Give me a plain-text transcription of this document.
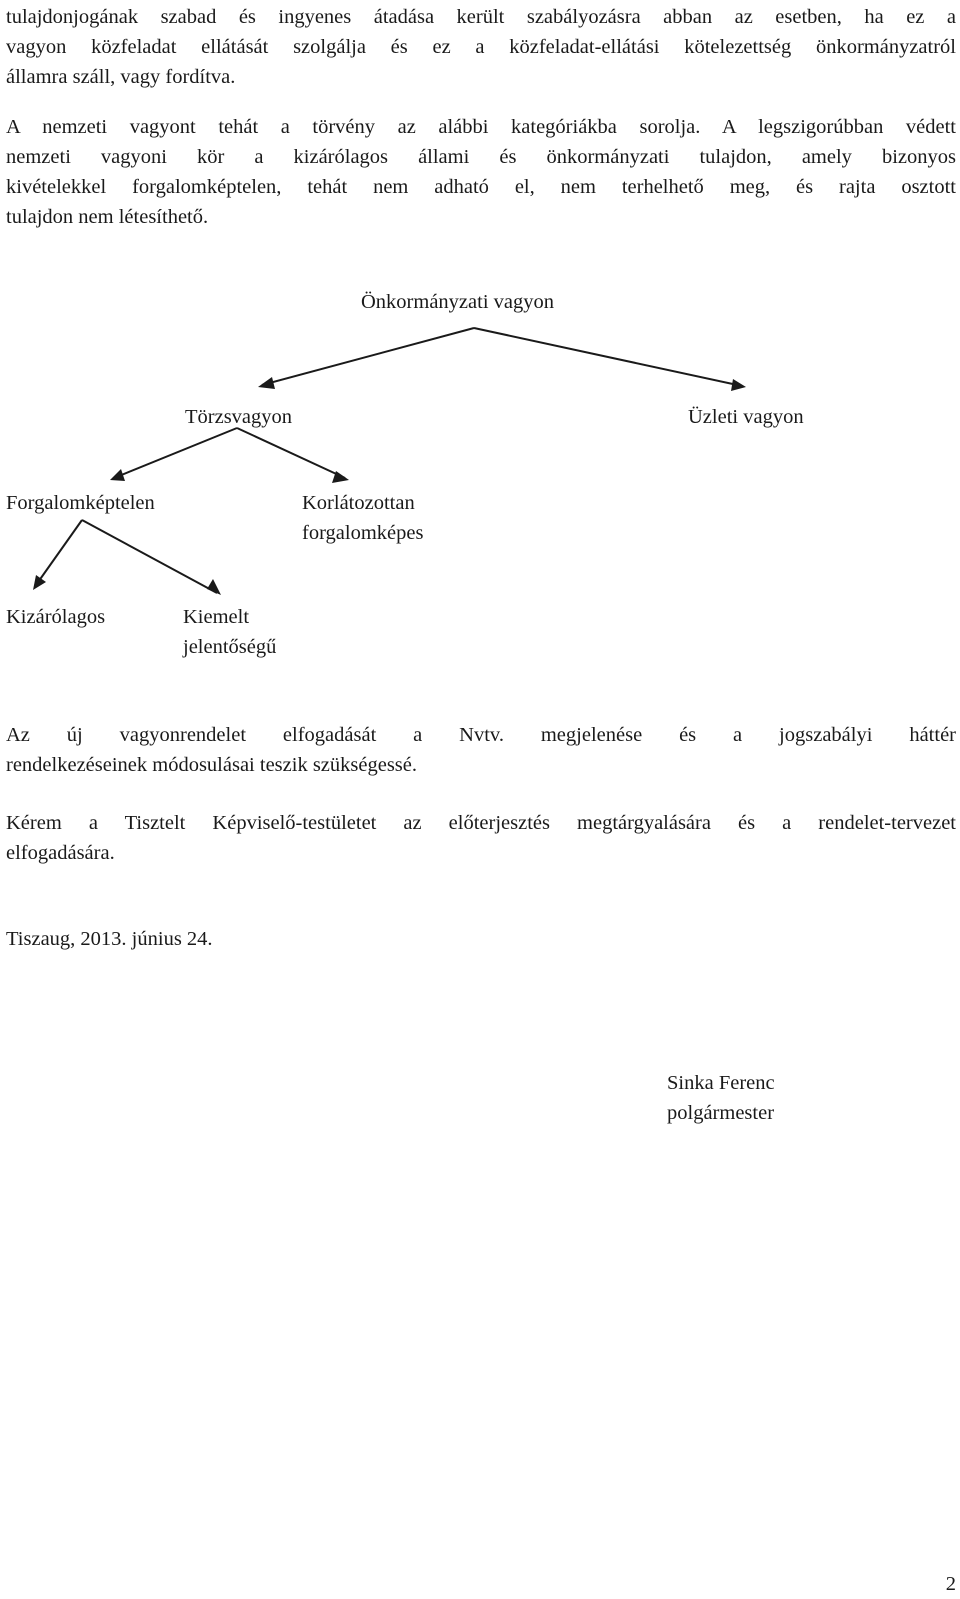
tulajdonjogának szabad és ingyenes átadása került szabályozásra abban az esetben, ha ez a
vagyon közfeladat ellátását szolgálja és ez a közfeladat-ellátási kötelezettség önkormányzatról
államra száll, vagy fordítva.
A nemzeti vagyont tehát a törvény az alábbi kategóriákba sorolja. A legszigorúbban védett
nemzeti vagyoni kör a kizárólagos állami és önkormányzati tulajdon, amely bizonyos
kivételekkel forgalomképtelen, tehát nem adható el, nem terhelhető meg, és rajta osztott
tulajdon nem létesíthető.

Önkormányzati vagyon

Törzsvagyon	Üzleti vagyon

Forgalomképtelen	Korlátozottan
forgalomképes

Kizárólagos	Kiemelt
jelentőségű
Az új vagyonrendelet elfogadását a Nvtv. megjelenése és a jogszabályi háttér
rendelkezéseinek módosulásai teszik szükségessé.
Kérem a Tisztelt Képviselő-testületet az előterjesztés megtárgyalására és a rendelet-tervezet
elfogadására.

Tiszaug, 2013. június 24.

Sinka Ferenc
polgármester

2
